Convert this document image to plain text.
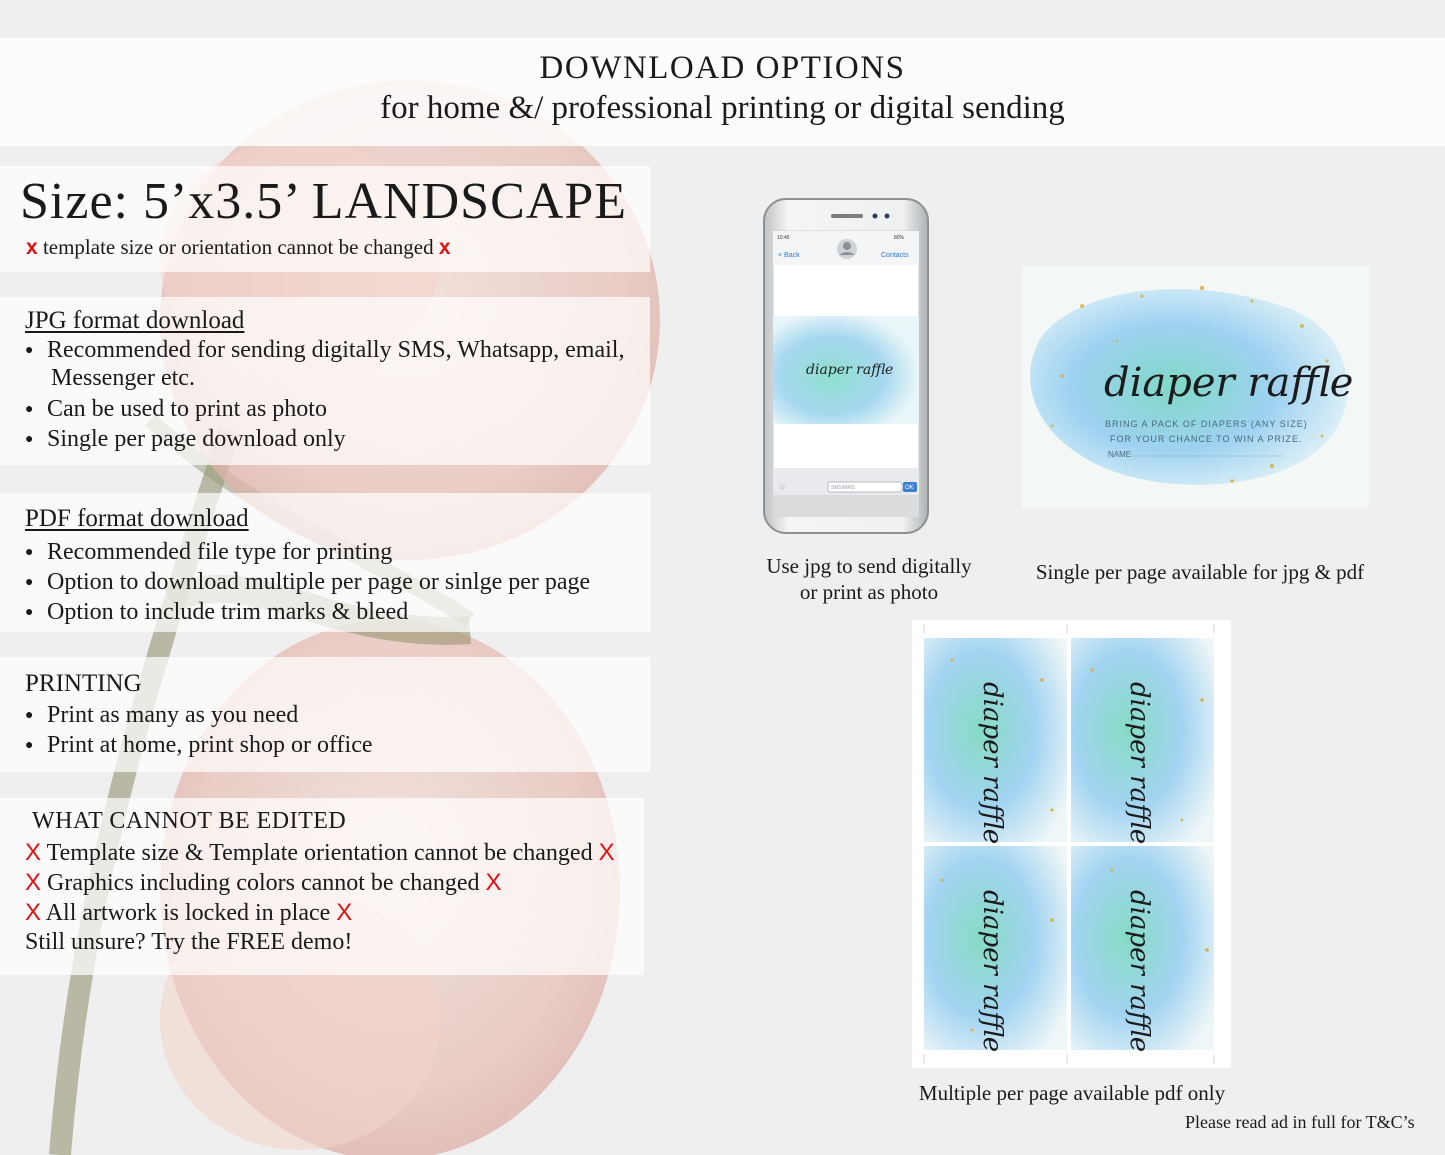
DOWNLOAD OPTIONS
for home &/ professional printing or digital sending
Size: 5’x3.5’ LANDSCAPE
x template size or orientation cannot be changed x
JPG format download
● Recommended for sending digitally SMS, Whatsapp, email,
Messenger etc.
● Can be used to print as photo
● Single per page download only
PDF format download
● Recommended file type for printing
● Option to download multiple per page or sinlge per page
● Option to include trim marks & bleed
PRINTING
● Print as many as you need
● Print at home, print shop or office
WHAT CANNOT BE EDITED
X Template size & Template orientation cannot be changed X
X Graphics including colors cannot be changed X
X All artwork is locked in place X
Still unsure? Try the FREE demo!
10:45	80%
< Back	Contacts
diaper raffle
☆	SMS/MMS	OK
diaper raffle
BRING A PACK OF DIAPERS (ANY SIZE)
FOR YOUR CHANCE TO WIN A PRIZE.
NAME
diaper raffle	diaper raffle
diaper raffle	diaper raffle
Use jpg to send digitally
or print as photo
Single per page available for jpg & pdf
Multiple per page available pdf only
Please read ad in full for T&C’s
